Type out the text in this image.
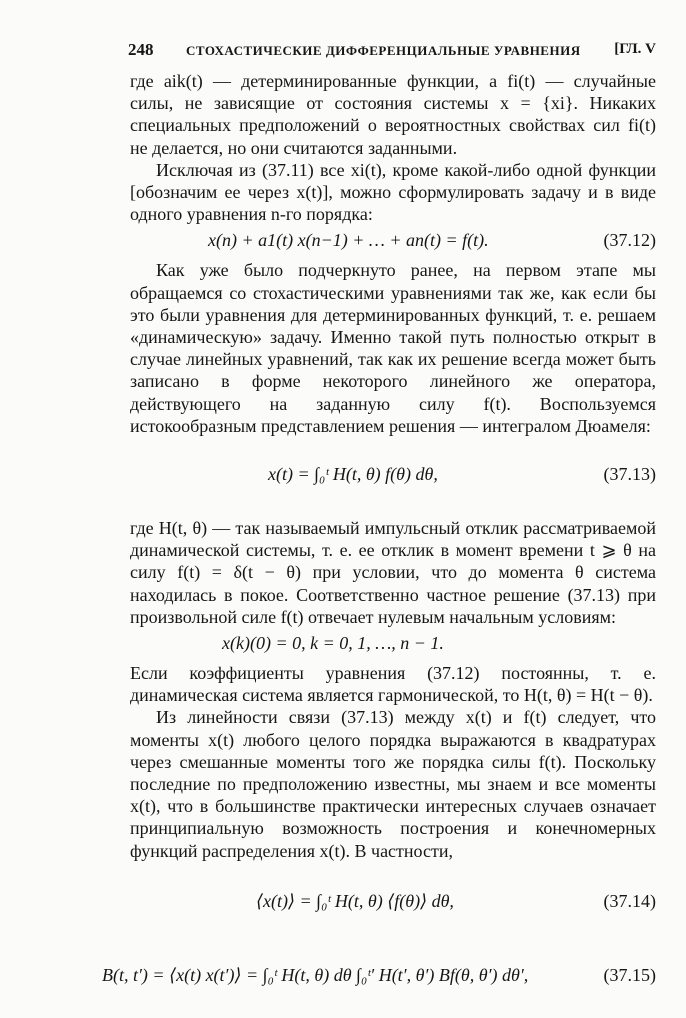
248	СТОХАСТИЧЕСКИЕ ДИФФЕРЕНЦИАЛЬНЫЕ УРАВНЕНИЯ [ГЛ. V

где aik(t) — детерминированные функции, а fi(t) — случайные силы, не зависящие от состояния системы x = {xi}. Никаких специальных предположений о вероятностных свойствах сил fi(t) не делается, но они считаются заданными.

Исключая из (37.11) все xi(t), кроме какой-либо одной функции [обозначим ее через x(t)], можно сформулировать задачу и в виде одного уравнения n-го порядка:

x(n) + a1(t) x(n−1) + … + an(t) = f(t).	(37.12)

Как уже было подчеркнуто ранее, на первом этапе мы обращаемся со стохастическими уравнениями так же, как если бы это были уравнения для детерминированных функций, т. е. решаем «динамическую» задачу. Именно такой путь полностью открыт в случае линейных уравнений, так как их решение всегда может быть записано в форме некоторого линейного же оператора, действующего на заданную силу f(t). Воспользуемся истокообразным представлением решения — интегралом Дюамеля:

x(t) = ∫₀ᵗ H(t, θ) f(θ) dθ,	(37.13)

где H(t, θ) — так называемый импульсный отклик рассматриваемой динамической системы, т. е. ее отклик в момент времени t ⩾ θ на силу f(t) = δ(t − θ) при условии, что до момента θ система находилась в покое. Соответственно частное решение (37.13) при произвольной силе f(t) отвечает нулевым начальным условиям:

x(k)(0) = 0, k = 0, 1, …, n − 1.

Если коэффициенты уравнения (37.12) постоянны, т. е. динамическая система является гармонической, то H(t, θ) = H(t − θ).

Из линейности связи (37.13) между x(t) и f(t) следует, что моменты x(t) любого целого порядка выражаются в квадратурах через смешанные моменты того же порядка силы f(t). Поскольку последние по предположению известны, мы знаем и все моменты x(t), что в большинстве практически интересных случаев означает принципиальную возможность построения и конечномерных функций распределения x(t). В частности,

⟨x(t)⟩ = ∫₀ᵗ H(t, θ) ⟨f(θ)⟩ dθ,	(37.14)
B(t, t′) = ⟨x(t) x(t′)⟩ = ∫₀ᵗ H(t, θ) dθ ∫₀ᵗ′ H(t′, θ′) Bf(θ, θ′) dθ′,	(37.15)
